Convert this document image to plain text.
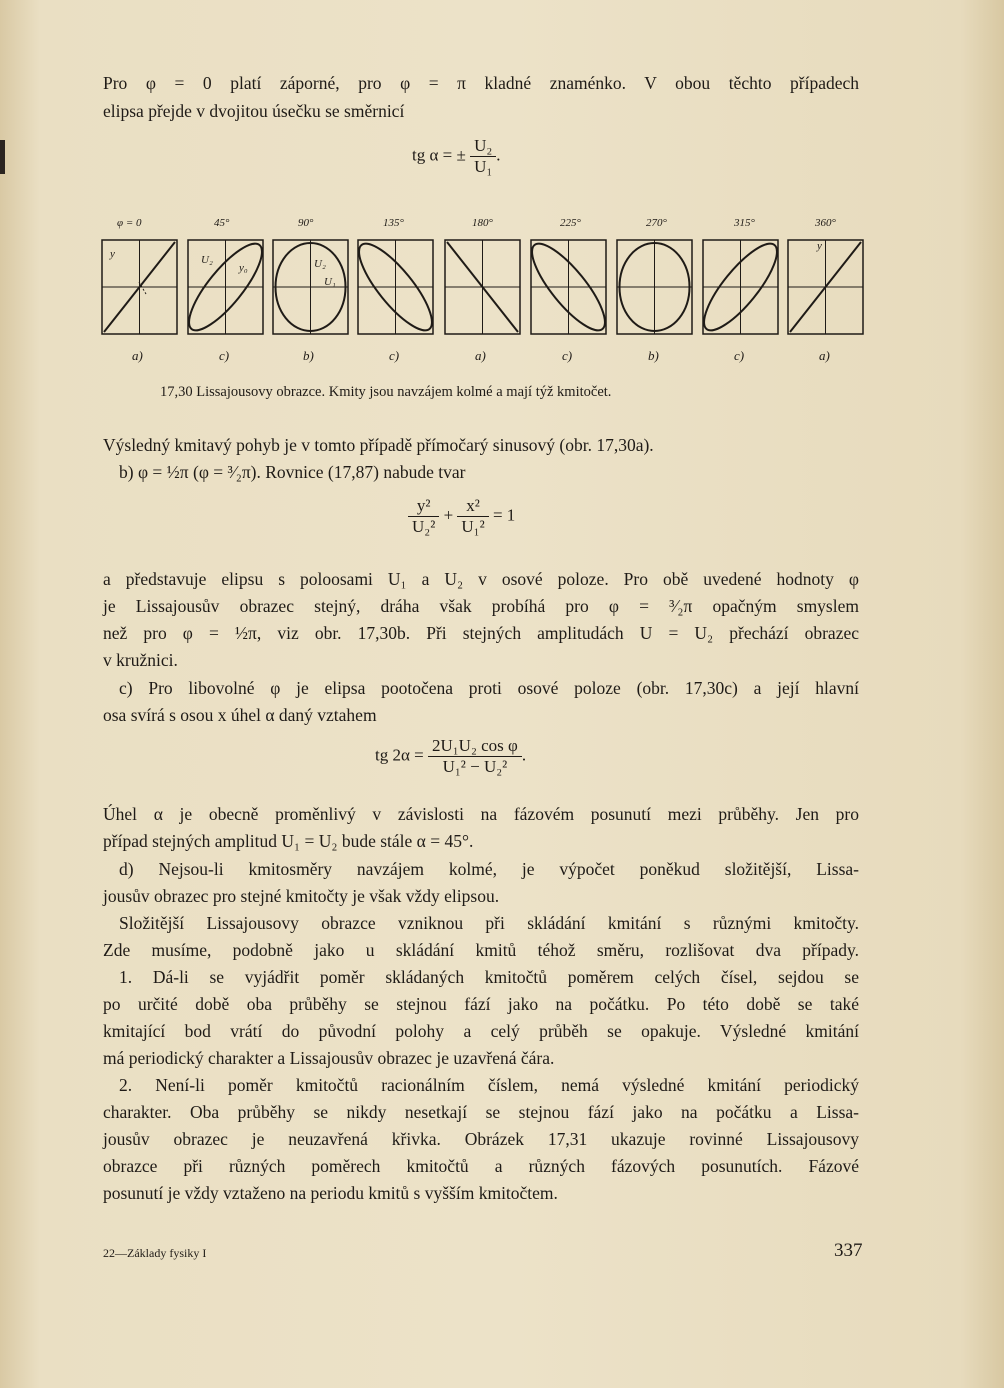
Pro φ = 0 platí záporné, pro φ = π kladné znaménko. V obou těchto případech
elipsa přejde v dvojitou úsečku se směrnicí
tg α = ± $\frac{\text{U₂}}{\text{U₁}}$ .
φ = 0	45°	90°	135°	180°	225°	270°	315°	360°
y	U₂
y₀	U₂
U₁
y
a)	c)	b)	c)	a)	c)	b)	c)	a)
17,30 Lissajousovy obrazce. Kmity jsou navzájem kolmé a mají týž kmitočet.
Výsledný kmitavý pohyb je v tomto případě přímočarý sinusový (obr. 17,30a).
b) φ = ½π (φ = ³⁄₂π). Rovnice (17,87) nabude tvar
$\frac{\text{y²}}{\text{U₂²}} + \frac{\text{x²}}{\text{U₁²}} = 1$
a představuje elipsu s poloosami U₁ a U₂ v osové poloze. Pro obě uvedené hodnoty φ
je Lissajousův obrazec stejný, dráha však probíhá pro φ = ³⁄₂π opačným smyslem
než pro φ = ½π, viz obr. 17,30b. Při stejných amplitudách U = U₂ přechází obrazec
v kružnici.
c) Pro libovolné φ je elipsa pootočena proti osové poloze (obr. 17,30c) a její hlavní
osa svírá s osou x úhel α daný vztahem
tg $2\alpha = \frac{\text{2U₁U₂ cos φ}}{\text{U₁² − U₂²}}$ .
Úhel α je obecně proměnlivý v závislosti na fázovém posunutí mezi průběhy. Jen pro
případ stejných amplitud U₁ = U₂ bude stále α = 45°.
d) Nejsou-li kmitosměry navzájem kolmé, je výpočet poněkud složitější, Lissa-
jousův obrazec pro stejné kmitočty je však vždy elipsou.
Složitější Lissajousovy obrazce vzniknou při skládání kmitání s různými kmitočty.
Zde musíme, podobně jako u skládání kmitů téhož směru, rozlišovat dva případy.
1. Dá-li se vyjádřit poměr skládaných kmitočtů poměrem celých čísel, sejdou se
po určité době oba průběhy se stejnou fází jako na počátku. Po této době se také
kmitající bod vrátí do původní polohy a celý průběh se opakuje. Výsledné kmitání
má periodický charakter a Lissajousův obrazec je uzavřená čára.
2. Není-li poměr kmitočtů racionálním číslem, nemá výsledné kmitání periodický
charakter. Oba průběhy se nikdy nesetkají se stejnou fází jako na počátku a Lissa-
jousův obrazec je neuzavřená křivka. Obrázek 17,31 ukazuje rovinné Lissajousovy
obrazce při různých poměrech kmitočtů a různých fázových posunutích. Fázové
posunutí je vždy vztaženo na periodu kmitů s vyšším kmitočtem.
22—Základy fysiky I	337
